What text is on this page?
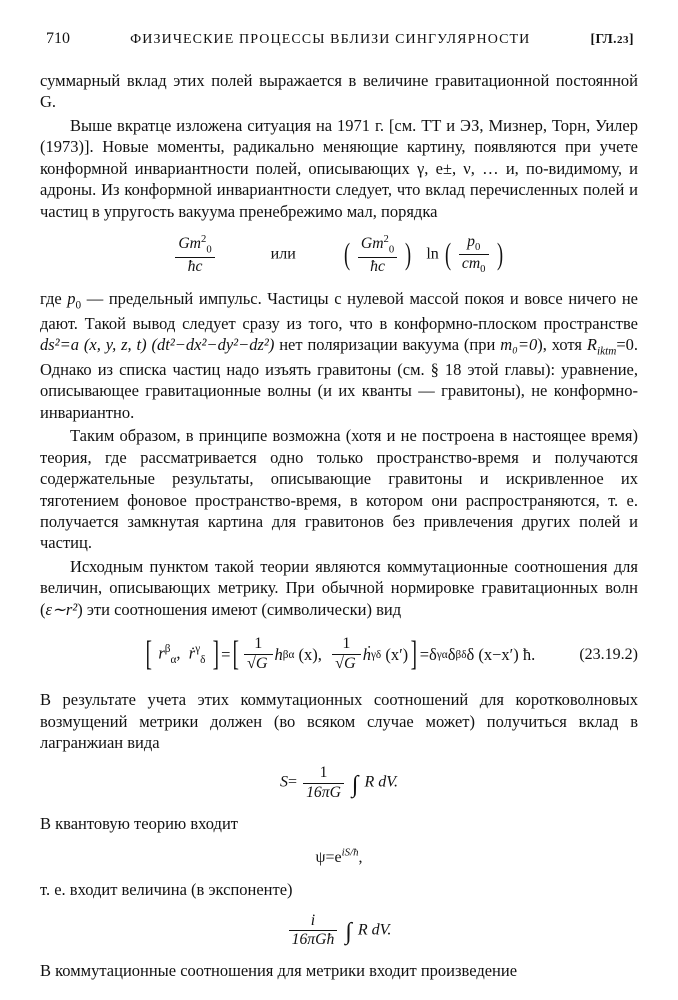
710	ФИЗИЧЕСКИЕ ПРОЦЕССЫ ВБЛИЗИ СИНГУЛЯРНОСТИ	[ГЛ.23]

суммарный вклад этих полей выражается в величине гравитационной постоянной G.

Выше вкратце изложена ситуация на 1971 г. [см. ТТ и ЭЗ, Мизнер, Торн, Уилер (1973)]. Новые моменты, радикально меняющие картину, появляются при учете конформной инвариантности полей, описывающих γ, e±, ν, … и, по-видимому, и адроны. Из конформной инвариантности следует, что вклад перечисленных полей и частиц в упругость вакуума пренебрежимо мал, порядка

$\frac{Gm^2_0}{ħc}$	или ( $\frac{Gm^2_0}{ħc}$ ) ln ( $\frac{p_0}{cm_0}$ )

где $p_0$ — предельный импульс. Частицы с нулевой массой покоя и вовсе ничего не дают. Такой вывод следует сразу из того, что в конформно-плоском пространстве ds²=a (x, y, z, t) (dt²−dx²−dy²−dz²) нет поляризации вакуума (при m₀=0), хотя $R_{iktm}=0$. Однако из списка частиц надо изъять гравитоны (см. § 18 этой главы): уравнение, описывающее гравитационные волны (и их кванты — гравитоны), не конформно-инвариантно.

Таким образом, в принципе возможна (хотя и не построена в настоящее время) теория, где рассматривается одно только пространство-время и получаются содержательные результаты, описывающие гравитоны и искривленное их тяготением фоновое пространство-время, в котором они распространяются, т. е. получается замкнутая картина для гравитонов без привлечения других полей и частиц.

Исходным пунктом такой теории являются коммутационные соотношения для величин, описывающих метрику. При обычной нормировке гравитационных волн (ε∼r²) эти соотношения имеют (символически) вид

[ $r^\beta_\alpha$,  ṙ$^\gamma_\delta$ ] = [ $\frac{1}{√G}$ h β α
(x),
$\frac{1}{√G}$ ḣ γ δ
(x′) ] =δ γ α δ β δ δ (x−x′) ħ.	(23.19.2)

В результате учета этих коммутационных соотношений для коротковолновых возмущений метрики должен (во всяком случае может) получиться вклад в лагранжиан вида

$S= \frac{1}{16\pi G}$ ∫ R dV.

В квантовую теорию входит

$\psi=e^{iS/ħ}$,

т. е. входит величина (в экспоненте)

$\frac{i}{\text{16πGħ}}$ ∫ R dV.

В коммутационные соотношения для метрики входит произведение
